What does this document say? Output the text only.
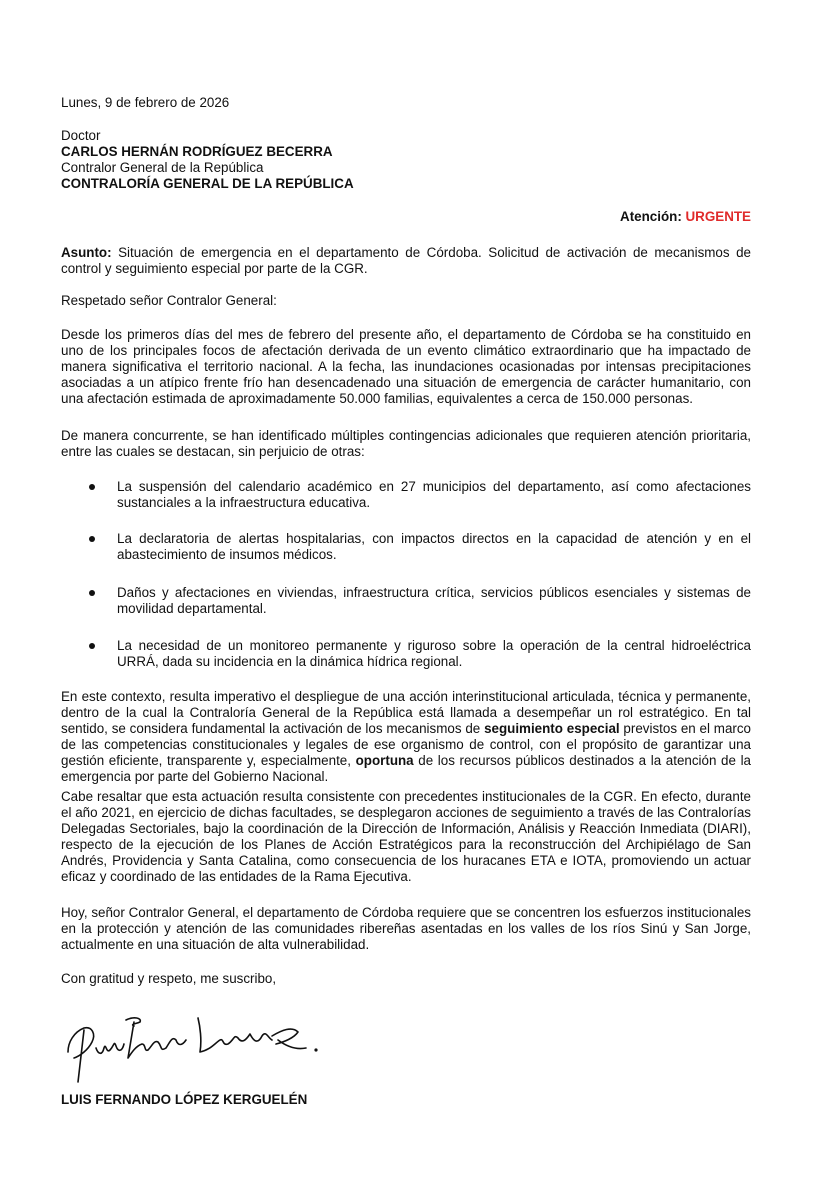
Lunes, 9 de febrero de 2026

Doctor

CARLOS HERNÁN RODRÍGUEZ BECERRA

Contralor General de la República

CONTRALORÍA GENERAL DE LA REPÚBLICA

Atención: URGENTE

Asunto: Situación de emergencia en el departamento de Córdoba. Solicitud de activación de mecanismos de control y seguimiento especial por parte de la CGR.

Respetado señor Contralor General:

Desde los primeros días del mes de febrero del presente año, el departamento de Córdoba se ha constituido en uno de los principales focos de afectación derivada de un evento climático extraordinario que ha impactado de manera significativa el territorio nacional. A la fecha, las inundaciones ocasionadas por intensas precipitaciones asociadas a un atípico frente frío han desencadenado una situación de emergencia de carácter humanitario, con una afectación estimada de aproximadamente 50.000 familias, equivalentes a cerca de 150.000 personas.

De manera concurrente, se han identificado múltiples contingencias adicionales que requieren atención prioritaria, entre las cuales se destacan, sin perjuicio de otras:

La suspensión del calendario académico en 27 municipios del departamento, así como afectaciones sustanciales a la infraestructura educativa.

La declaratoria de alertas hospitalarias, con impactos directos en la capacidad de atención y en el abastecimiento de insumos médicos.

Daños y afectaciones en viviendas, infraestructura crítica, servicios públicos esenciales y sistemas de movilidad departamental.

La necesidad de un monitoreo permanente y riguroso sobre la operación de la central hidroeléctrica URRÁ, dada su incidencia en la dinámica hídrica regional.

En este contexto, resulta imperativo el despliegue de una acción interinstitucional articulada, técnica y permanente, dentro de la cual la Contraloría General de la República está llamada a desempeñar un rol estratégico. En tal sentido, se considera fundamental la activación de los mecanismos de seguimiento especial previstos en el marco de las competencias constitucionales y legales de ese organismo de control, con el propósito de garantizar una gestión eficiente, transparente y, especialmente, oportuna de los recursos públicos destinados a la atención de la emergencia por parte del Gobierno Nacional.

Cabe resaltar que esta actuación resulta consistente con precedentes institucionales de la CGR. En efecto, durante el año 2021, en ejercicio de dichas facultades, se desplegaron acciones de seguimiento a través de las Contralorías Delegadas Sectoriales, bajo la coordinación de la Dirección de Información, Análisis y Reacción Inmediata (DIARI), respecto de la ejecución de los Planes de Acción Estratégicos para la reconstrucción del Archipiélago de San Andrés, Providencia y Santa Catalina, como consecuencia de los huracanes ETA e IOTA, promoviendo un actuar eficaz y coordinado de las entidades de la Rama Ejecutiva.

Hoy, señor Contralor General, el departamento de Córdoba requiere que se concentren los esfuerzos institucionales en la protección y atención de las comunidades ribereñas asentadas en los valles de los ríos Sinú y San Jorge, actualmente en una situación de alta vulnerabilidad.

Con gratitud y respeto, me suscribo,

LUIS FERNANDO LÓPEZ KERGUELÉN
